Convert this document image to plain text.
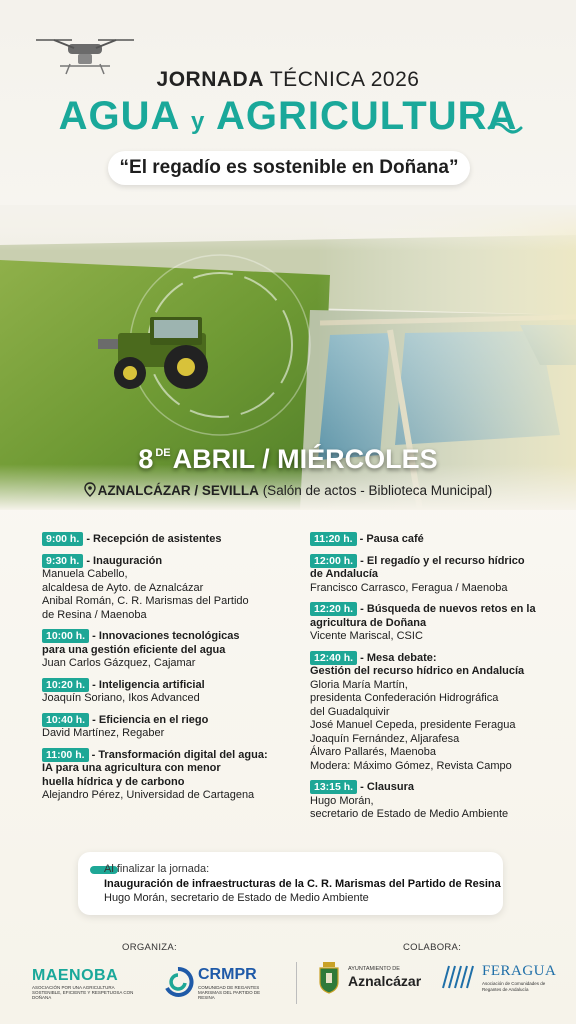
JORNADA TÉCNICA 2026
AGUA y AGRICULTURA
“El regadío es sostenible en Doñana”
8 $^{DE}$ABRIL / MIÉRCOLES
AZNALCÁZAR / SEVILLA (Salón de actos - Biblioteca Municipal)
9:00 h. - Recepción de asistentes
9:30 h. - Inauguración
Manuela Cabello,
alcaldesa de Ayto. de Aznalcázar
Anibal Román, C. R. Marismas del Partido
de Resina / Maenoba
10:00 h. - Innovaciones tecnológicas
para una gestión eficiente del agua
Juan Carlos Gázquez, Cajamar
10:20 h. - Inteligencia artificial
Joaquín Soriano, Ikos Advanced
10:40 h. - Eficiencia en el riego
David Martínez, Regaber
11:00 h. - Transformación digital del agua:
IA para una agricultura con menor
huella hídrica y de carbono
Alejandro Pérez, Universidad de Cartagena
11:20 h. - Pausa café
12:00 h. - El regadío y el recurso hídrico
de Andalucía
Francisco Carrasco, Feragua / Maenoba
12:20 h. - Búsqueda de nuevos retos en la
agricultura de Doñana
Vicente Mariscal, CSIC
12:40 h. - Mesa debate:
Gestión del recurso hídrico en Andalucía
Gloria María Martín,
presidenta Confederación Hidrográfica
del Guadalquivir
José Manuel Cepeda, presidente Feragua
Joaquín Fernández, Aljarafesa
Álvaro Pallarés, Maenoba
Modera: Máximo Gómez, Revista Campo
13:15 h. - Clausura
Hugo Morán,
secretario de Estado de Medio Ambiente
Al finalizar la jornada:
Inauguración de infraestructuras de la C. R. Marismas del Partido de Resina
Hugo Morán, secretario de Estado de Medio Ambiente
ORGANIZA:	COLABORA:
MAENOBA
ASOCIACIÓN POR UNA AGRICULTURA SOSTENIBLE, EFICIENTE Y RESPETUOSA CON DOÑANA
CRMPR
COMUNIDAD DE REGANTES MARISMAS DEL PARTIDO DE RESINA
AYUNTAMIENTO DE
Aznalcázar
FERAGUA
Asociación de Comunidades de Regantes de Andalucía
